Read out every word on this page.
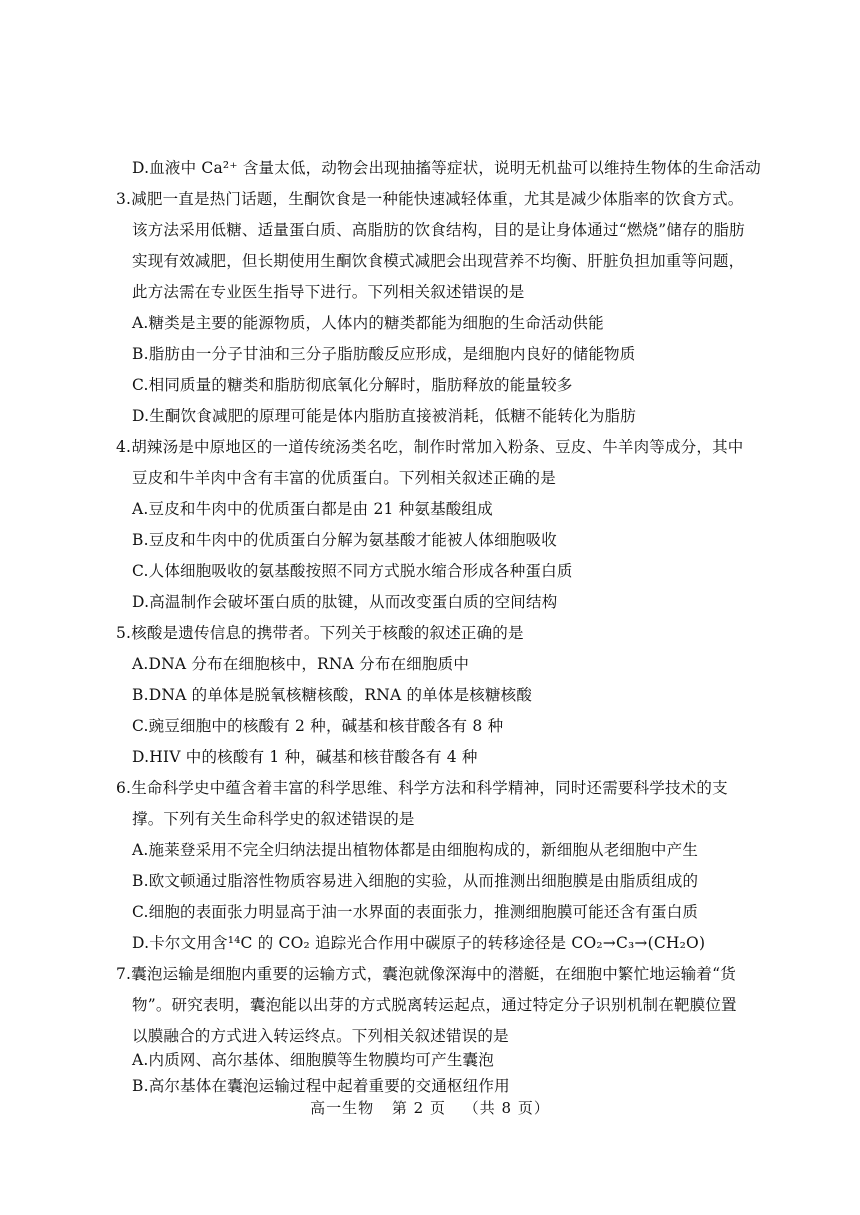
D.血液中 Ca²⁺ 含量太低，动物会出现抽搐等症状，说明无机盐可以维持生物体的生命活动
3.减肥一直是热门话题，生酮饮食是一种能快速减轻体重，尤其是减少体脂率的饮食方式。
该方法采用低糖、适量蛋白质、高脂肪的饮食结构，目的是让身体通过“燃烧”储存的脂肪
实现有效减肥，但长期使用生酮饮食模式减肥会出现营养不均衡、肝脏负担加重等问题，
此方法需在专业医生指导下进行。下列相关叙述错误的是
A.糖类是主要的能源物质，人体内的糖类都能为细胞的生命活动供能
B.脂肪由一分子甘油和三分子脂肪酸反应形成，是细胞内良好的储能物质
C.相同质量的糖类和脂肪彻底氧化分解时，脂肪释放的能量较多
D.生酮饮食减肥的原理可能是体内脂肪直接被消耗，低糖不能转化为脂肪
4.胡辣汤是中原地区的一道传统汤类名吃，制作时常加入粉条、豆皮、牛羊肉等成分，其中
豆皮和牛羊肉中含有丰富的优质蛋白。下列相关叙述正确的是
A.豆皮和牛肉中的优质蛋白都是由 21 种氨基酸组成
B.豆皮和牛肉中的优质蛋白分解为氨基酸才能被人体细胞吸收
C.人体细胞吸收的氨基酸按照不同方式脱水缩合形成各种蛋白质
D.高温制作会破坏蛋白质的肽键，从而改变蛋白质的空间结构
5.核酸是遗传信息的携带者。下列关于核酸的叙述正确的是
A.DNA 分布在细胞核中，RNA 分布在细胞质中
B.DNA 的单体是脱氧核糖核酸，RNA 的单体是核糖核酸
C.豌豆细胞中的核酸有 2 种，碱基和核苷酸各有 8 种
D.HIV 中的核酸有 1 种，碱基和核苷酸各有 4 种
6.生命科学史中蕴含着丰富的科学思维、科学方法和科学精神，同时还需要科学技术的支
撑。下列有关生命科学史的叙述错误的是
A.施莱登采用不完全归纳法提出植物体都是由细胞构成的，新细胞从老细胞中产生
B.欧文顿通过脂溶性物质容易进入细胞的实验，从而推测出细胞膜是由脂质组成的
C.细胞的表面张力明显高于油一水界面的表面张力，推测细胞膜可能还含有蛋白质
D.卡尔文用含¹⁴C 的 CO₂ 追踪光合作用中碳原子的转移途径是 CO₂→C₃→(CH₂O)
7.囊泡运输是细胞内重要的运输方式，囊泡就像深海中的潜艇，在细胞中繁忙地运输着“货
物”。研究表明，囊泡能以出芽的方式脱离转运起点，通过特定分子识别机制在靶膜位置
以膜融合的方式进入转运终点。下列相关叙述错误的是
A.内质网、高尔基体、细胞膜等生物膜均可产生囊泡
B.高尔基体在囊泡运输过程中起着重要的交通枢纽作用
高一生物 第 2 页 （共 8 页）
